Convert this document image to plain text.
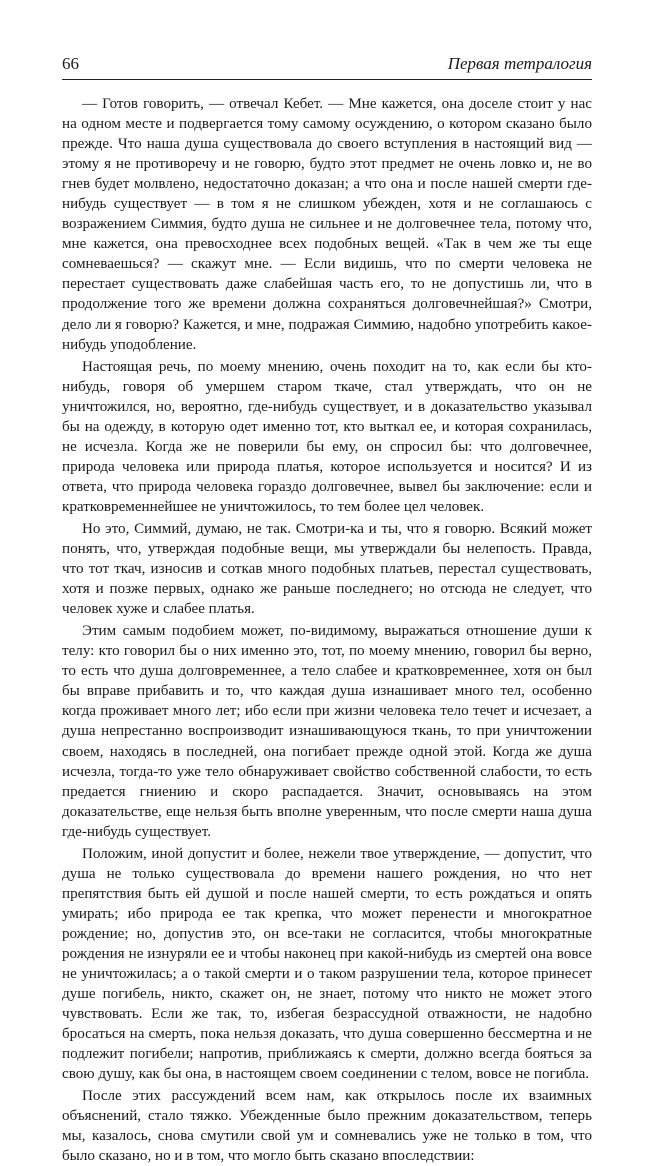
66	Первая тетралогия

— Готов говорить, — отвечал Кебет. — Мне кажется, она доселе стоит у нас на одном месте и подвергается тому самому осуждению, о котором сказано было прежде. Что наша душа существовала до своего вступления в настоящий вид — этому я не противоречу и не говорю, будто этот предмет не очень ловко и, не во гнев будет молвлено, недостаточно доказан; а что она и после нашей смерти где-нибудь существует — в том я не слишком убежден, хотя и не соглашаюсь с возражением Симмия, будто душа не сильнее и не долговечнее тела, потому что, мне кажется, она превосходнее всех подобных вещей. «Так в чем же ты еще сомневаешься? — скажут мне. — Если видишь, что по смерти человека не перестает существовать даже слабейшая часть его, то не допустишь ли, что в продолжение того же времени должна сохраняться долговечнейшая?» Смотри, дело ли я говорю? Кажется, и мне, подражая Симмию, надобно употребить какое-нибудь уподобление.

Настоящая речь, по моему мнению, очень походит на то, как если бы кто-нибудь, говоря об умершем старом ткаче, стал утверждать, что он не уничтожился, но, вероятно, где-нибудь существует, и в доказательство указывал бы на одежду, в которую одет именно тот, кто выткал ее, и которая сохранилась, не исчезла. Когда же не поверили бы ему, он спросил бы: что долговечнее, природа человека или природа платья, которое используется и носится? И из ответа, что природа человека гораздо долговечнее, вывел бы заключение: если и кратковременнейшее не уничтожилось, то тем более цел человек.

Но это, Симмий, думаю, не так. Смотри-ка и ты, что я говорю. Всякий может понять, что, утверждая подобные вещи, мы утверждали бы нелепость. Правда, что тот ткач, износив и соткав много подобных платьев, перестал существовать, хотя и позже первых, однако же раньше последнего; но отсюда не следует, что человек хуже и слабее платья.

Этим самым подобием может, по-видимому, выражаться отношение души к телу: кто говорил бы о них именно это, тот, по моему мнению, говорил бы верно, то есть что душа долговременнее, а тело слабее и кратковременнее, хотя он был бы вправе прибавить и то, что каждая душа изнашивает много тел, особенно когда проживает много лет; ибо если при жизни человека тело течет и исчезает, а душа непрестанно воспроизводит изнашивающуюся ткань, то при уничтожении своем, находясь в последней, она погибает прежде одной этой. Когда же душа исчезла, тогда-то уже тело обнаруживает свойство собственной слабости, то есть предается гниению и скоро распадается. Значит, основываясь на этом доказательстве, еще нельзя быть вполне уверенным, что после смерти наша душа где-нибудь существует.

Положим, иной допустит и более, нежели твое утверждение, — допустит, что душа не только существовала до времени нашего рождения, но что нет препятствия быть ей душой и после нашей смерти, то есть рождаться и опять умирать; ибо природа ее так крепка, что может перенести и многократное рождение; но, допустив это, он все-таки не согласится, чтобы многократные рождения не изнуряли ее и чтобы наконец при какой-нибудь из смертей она вовсе не уничтожилась; а о такой смерти и о таком разрушении тела, которое принесет душе погибель, никто, скажет он, не знает, потому что никто не может этого чувствовать. Если же так, то, избегая безрассудной отважности, не надобно бросаться на смерть, пока нельзя доказать, что душа совершенно бессмертна и не подлежит погибели; напротив, приближаясь к смерти, должно всегда бояться за свою душу, как бы она, в настоящем своем соединении с телом, вовсе не погибла.

После этих рассуждений всем нам, как открылось после их взаимных объяснений, стало тяжко. Убежденные было прежним доказательством, теперь мы, казалось, снова смутили свой ум и сомневались уже не только в том, что было сказано, но и в том, что могло быть сказано впоследствии:
